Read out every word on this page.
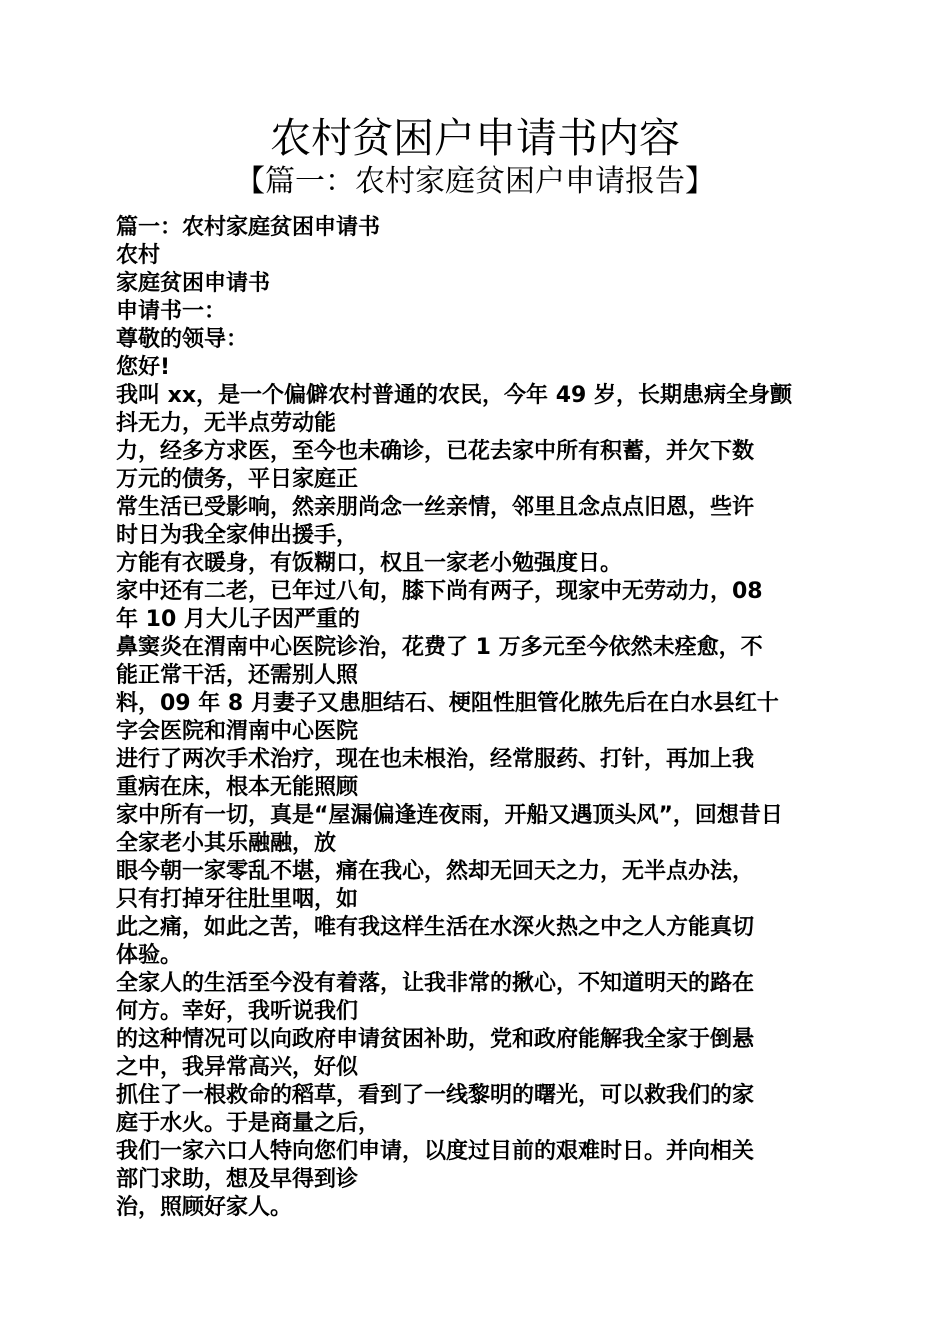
农村贫困户申请书内容
【篇一：农村家庭贫困户申请报告】
篇一：农村家庭贫困申请书
农村
家庭贫困申请书
申请书一：
尊敬的领导：
您好!
我叫 xx，是一个偏僻农村普通的农民，今年 49 岁，长期患病全身颤
抖无力，无半点劳动能
力，经多方求医，至今也未确诊，已花去家中所有积蓄，并欠下数
万元的债务，平日家庭正
常生活已受影响，然亲朋尚念一丝亲情，邻里且念点点旧恩，些许
时日为我全家伸出援手，
方能有衣暖身，有饭糊口，权且一家老小勉强度日。
家中还有二老，已年过八旬，膝下尚有两子，现家中无劳动力，08
年 10 月大儿子因严重的
鼻窦炎在渭南中心医院诊治，花费了 1 万多元至今依然未痊愈，不
能正常干活，还需别人照
料，09 年 8 月妻子又患胆结石、梗阻性胆管化脓先后在白水县红十
字会医院和渭南中心医院
进行了两次手术治疗，现在也未根治，经常服药、打针，再加上我
重病在床，根本无能照顾
家中所有一切，真是“屋漏偏逢连夜雨，开船又遇顶头风”，回想昔日
全家老小其乐融融，放
眼今朝一家零乱不堪，痛在我心，然却无回天之力，无半点办法，
只有打掉牙往肚里咽，如
此之痛，如此之苦，唯有我这样生活在水深火热之中之人方能真切
体验。
全家人的生活至今没有着落，让我非常的揪心，不知道明天的路在
何方。幸好，我听说我们
的这种情况可以向政府申请贫困补助，党和政府能解我全家于倒悬
之中，我异常高兴，好似
抓住了一根救命的稻草，看到了一线黎明的曙光，可以救我们的家
庭于水火。于是商量之后，
我们一家六口人特向您们申请，以度过目前的艰难时日。并向相关
部门求助，想及早得到诊
治，照顾好家人。
